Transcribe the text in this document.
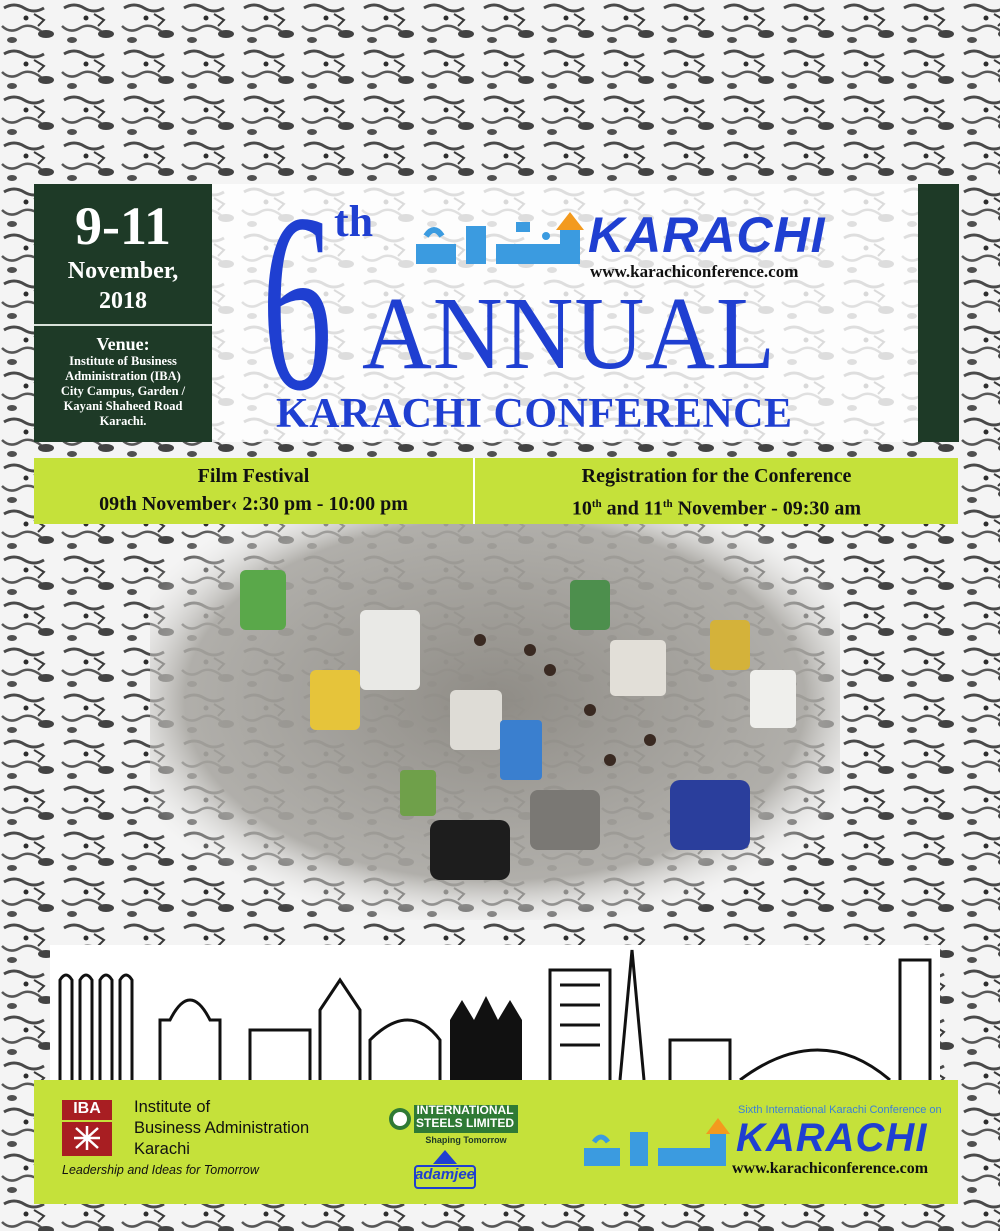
9-11
November,
2018
Venue:
Institute of Business
Administration (IBA)
City Campus, Garden /
Kayani Shaheed Road
Karachi. 6 th	KARACHI
www.karachiconference.com
ANNUAL
KARACHI CONFERENCE
Film Festival
09th November‹ 2:30 pm - 10:00 pm
Registration for the Conference
10th and 11th November - 09:30 am
IBA	Institute of
Business Administration
Karachi
Leadership and Ideas for Tomorrow
INTERNATIONAL
STEELS LIMITED
Shaping Tomorrow
adamjee
Sixth International Karachi Conference on
KARACHI
www.karachiconference.com
